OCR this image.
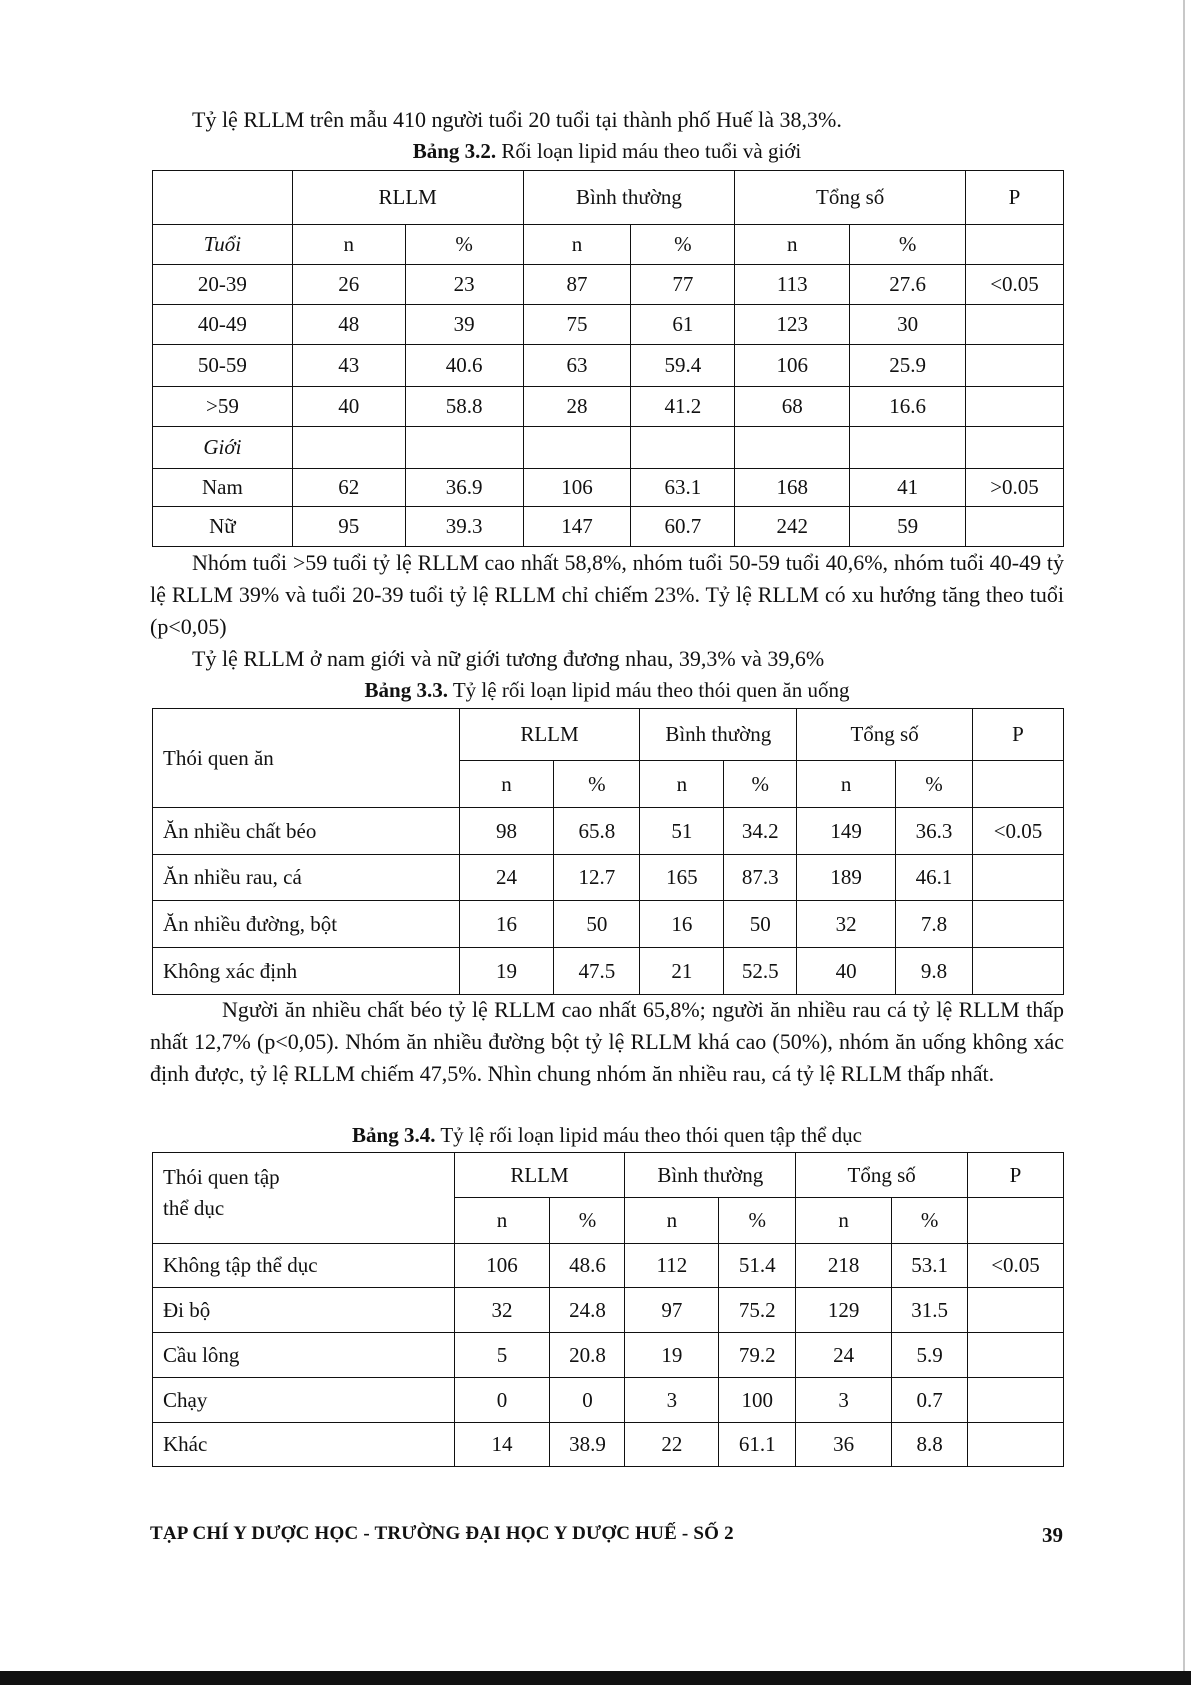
Tỷ lệ RLLM trên mẫu 410 người tuổi 20 tuổi tại thành phố Huế là 38,3%.
Bảng 3.2. Rối loạn lipid máu theo tuổi và giới
	RLLM		Bình thường		Tổng số		P
Tuổi	n	%	n	%	n	%	
20-39	26	23	87	77	113	27.6	<0.05
40-49	48	39	75	61	123	30	
50-59	43	40.6	63	59.4	106	25.9	
>59	40	58.8	28	41.2	68	16.6	
Giới							
Nam	62	36.9	106	63.1	168	41	>0.05
Nữ	95	39.3	147	60.7	242	59	
Nhóm tuổi >59 tuổi tỷ lệ RLLM cao nhất 58,8%, nhóm tuổi 50-59 tuổi 40,6%, nhóm tuổi 40-49 tỷ lệ RLLM 39% và tuổi 20-39 tuổi tỷ lệ RLLM chỉ chiếm 23%. Tỷ lệ RLLM có xu hướng tăng theo tuổi (p<0,05)
Tỷ lệ RLLM ở nam giới và nữ giới tương đương nhau, 39,3% và 39,6%
Bảng 3.3. Tỷ lệ rối loạn lipid máu theo thói quen ăn uống
Thói quen ăn	RLLM		Bình thường		Tổng số		P
	n	%	n	%	n	%	
Ăn nhiều chất béo	98	65.8	51	34.2	149	36.3	<0.05
Ăn nhiều rau, cá	24	12.7	165	87.3	189	46.1	
Ăn nhiều đường, bột	16	50	16	50	32	7.8	
Không xác định	19	47.5	21	52.5	40	9.8	
Người ăn nhiều chất béo tỷ lệ RLLM cao nhất 65,8%; người ăn nhiều rau cá tỷ lệ RLLM thấp nhất 12,7% (p<0,05). Nhóm ăn nhiều đường bột tỷ lệ RLLM khá cao (50%), nhóm ăn uống không xác định được, tỷ lệ RLLM chiếm 47,5%. Nhìn chung nhóm ăn nhiều rau, cá tỷ lệ RLLM thấp nhất.
Bảng 3.4. Tỷ lệ rối loạn lipid máu theo thói quen tập thể dục
Thói quen tập
thể dục	RLLM		Bình thường		Tổng số		P
	n	%	n	%	n	%	
Không tập thể dục	106	48.6	112	51.4	218	53.1	<0.05
Đi bộ	32	24.8	97	75.2	129	31.5	
Cầu lông	5	20.8	19	79.2	24	5.9	
Chạy	0	0	3	100	3	0.7	
Khác	14	38.9	22	61.1	36	8.8	
TẠP CHÍ Y DƯỢC HỌC - TRƯỜNG ĐẠI HỌC Y DƯỢC HUẾ - SỐ 2	39
